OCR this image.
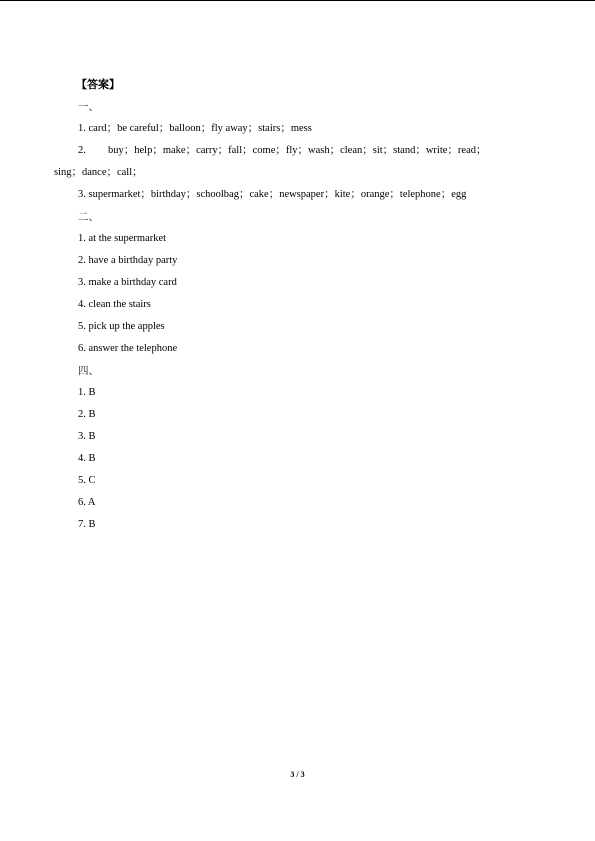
【答案】
一、
1. card；be careful；balloon；fly away；stairs；mess
2. buy；help；make；carry；fall；come；fly；wash；clean；sit；stand；write；read；
sing；dance；call；
3. supermarket；birthday；schoolbag；cake；newspaper；kite；orange；telephone；egg
二、
1. at the supermarket
2. have a birthday party
3. make a birthday card
4. clean the stairs
5. pick up the apples
6. answer the telephone
四、
1. B
2. B
3. B
4. B
5. C
6. A
7. B
3 / 3
